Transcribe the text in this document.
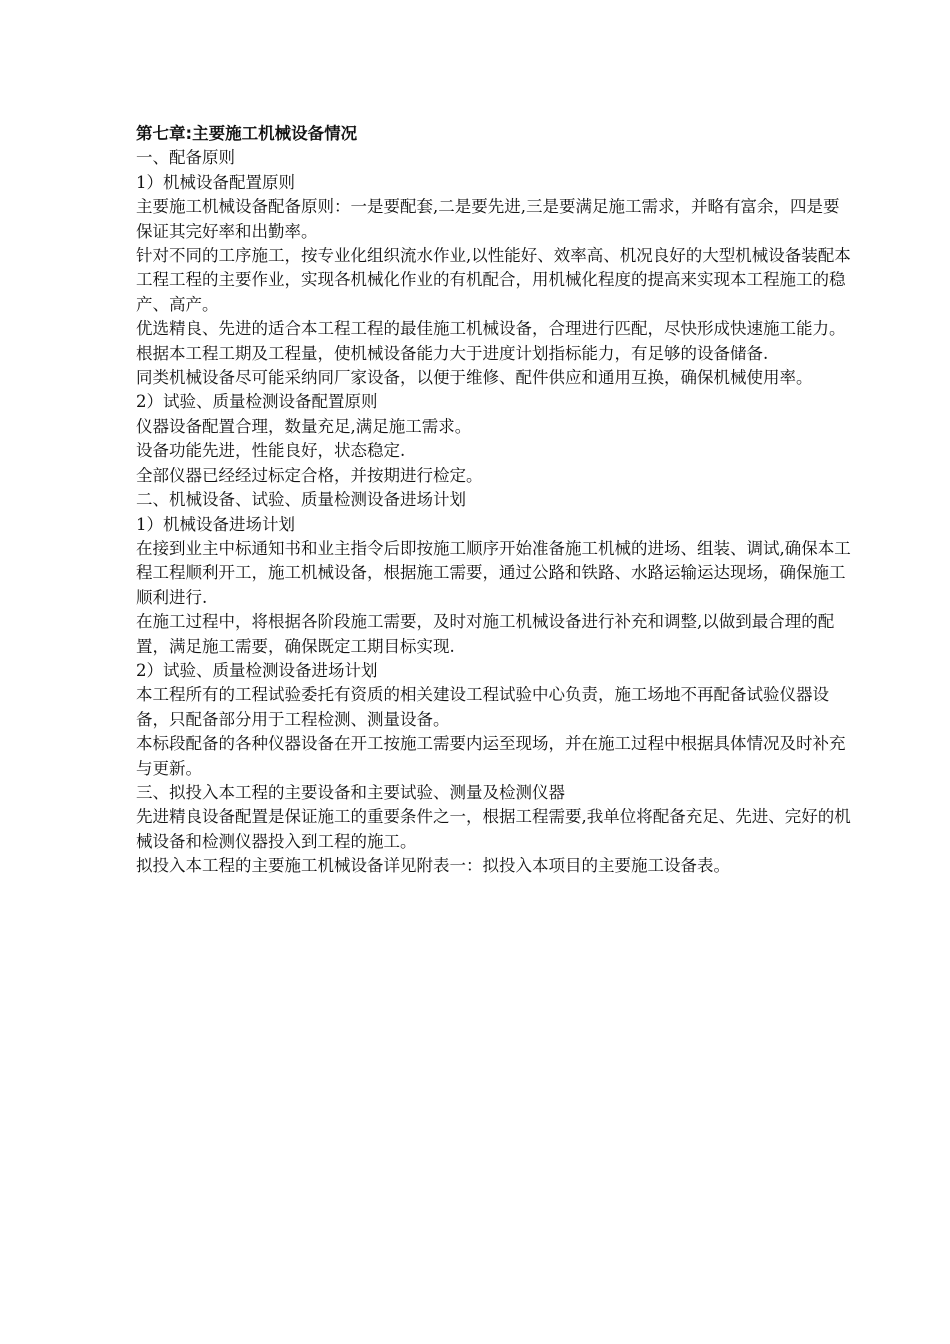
第七章:主要施工机械设备情况

一、配备原则

1）机械设备配置原则

主要施工机械设备配备原则：一是要配套,二是要先进,三是要满足施工需求，并略有富余，四是要保证其完好率和出勤率。

针对不同的工序施工，按专业化组织流水作业,以性能好、效率高、机况良好的大型机械设备装配本工程工程的主要作业，实现各机械化作业的有机配合，用机械化程度的提高来实现本工程施工的稳产、高产。

优选精良、先进的适合本工程工程的最佳施工机械设备，合理进行匹配，尽快形成快速施工能力。

根据本工程工期及工程量，使机械设备能力大于进度计划指标能力，有足够的设备储备.

同类机械设备尽可能采纳同厂家设备，以便于维修、配件供应和通用互换，确保机械使用率。

2）试验、质量检测设备配置原则

仪器设备配置合理，数量充足,满足施工需求。

设备功能先进，性能良好，状态稳定.

全部仪器已经经过标定合格，并按期进行检定。

二、机械设备、试验、质量检测设备进场计划

1）机械设备进场计划

在接到业主中标通知书和业主指令后即按施工顺序开始准备施工机械的进场、组装、调试,确保本工程工程顺利开工，施工机械设备，根据施工需要，通过公路和铁路、水路运输运达现场，确保施工顺利进行.

在施工过程中，将根据各阶段施工需要，及时对施工机械设备进行补充和调整,以做到最合理的配置，满足施工需要，确保既定工期目标实现.

2）试验、质量检测设备进场计划

本工程所有的工程试验委托有资质的相关建设工程试验中心负责，施工场地不再配备试验仪器设备，只配备部分用于工程检测、测量设备。

本标段配备的各种仪器设备在开工按施工需要内运至现场，并在施工过程中根据具体情况及时补充与更新。

三、拟投入本工程的主要设备和主要试验、测量及检测仪器

先进精良设备配置是保证施工的重要条件之一，根据工程需要,我单位将配备充足、先进、完好的机械设备和检测仪器投入到工程的施工。

拟投入本工程的主要施工机械设备详见附表一：拟投入本项目的主要施工设备表。
